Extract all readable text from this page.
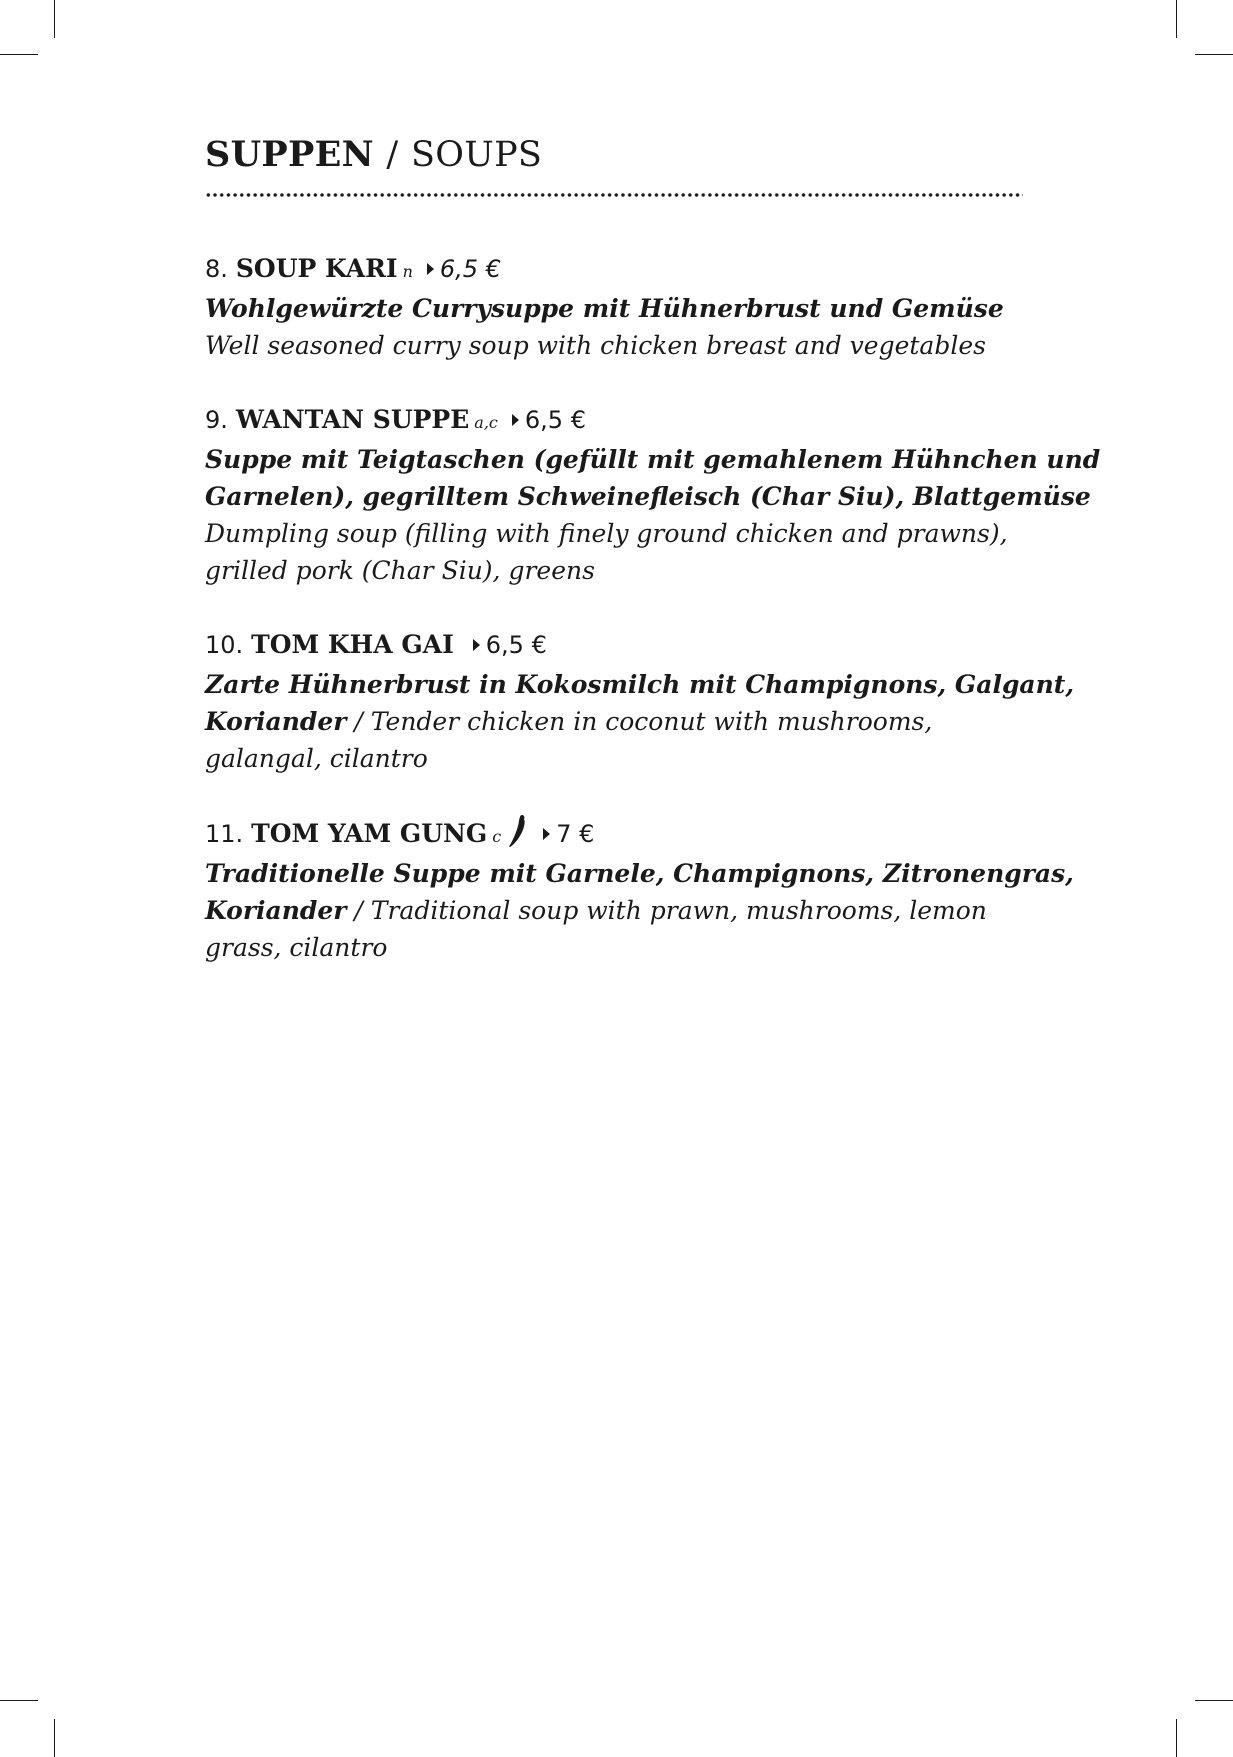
SUPPEN / SOUPS
8. SOUP KARI n 6,5 €
Wohlgewürzte Currysuppe mit Hühnerbrust und Gemüse
Well seasoned curry soup with chicken breast and vegetables
9. WANTAN SUPPE a,c 6,5 €
Suppe mit Teigtaschen (gefüllt mit gemahlenem Hühnchen und
Garnelen), gegrilltem Schweinefleisch (Char Siu), Blattgemüse
Dumpling soup (filling with finely ground chicken and prawns),
grilled pork (Char Siu), greens
10. TOM KHA GAI 6,5 €
Zarte Hühnerbrust in Kokosmilch mit Champignons, Galgant,
Koriander / Tender chicken in coconut with mushrooms,
galangal, cilantro
11. TOM YAM GUNG c 7 €
Traditionelle Suppe mit Garnele, Champignons, Zitronengras,
Koriander / Traditional soup with prawn, mushrooms, lemon
grass, cilantro
